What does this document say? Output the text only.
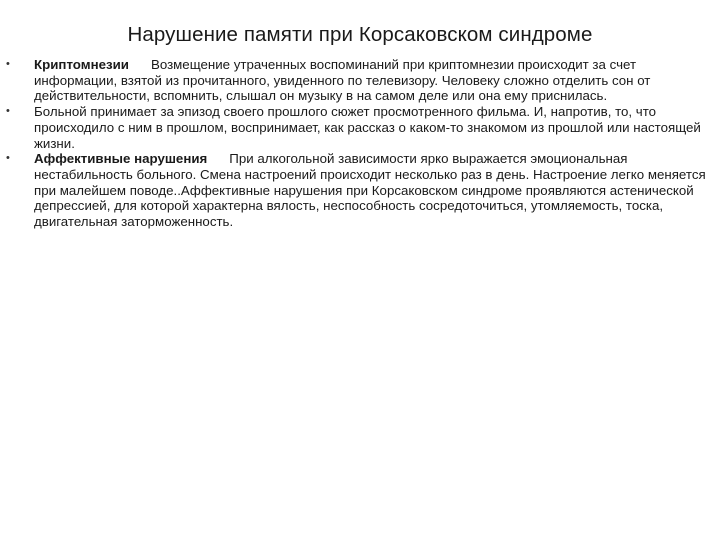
Нарушение памяти при Корсаковском синдроме
• Криптомнезии Возмещение утраченных воспоминаний при криптомнезии происходит за счет информации, взятой из прочитанного, увиденного по телевизору. Человеку сложно отделить сон от действительности, вспомнить, слышал он музыку в на самом деле или она ему приснилась.
• Больной принимает за эпизод своего прошлого сюжет просмотренного фильма. И, напротив, то, что происходило с ним в прошлом, воспринимает, как рассказ о каком-то знакомом из прошлой или настоящей жизни.
• Аффективные нарушения При алкогольной зависимости ярко выражается эмоциональная нестабильность больного. Смена настроений происходит несколько раз в день. Настроение легко меняется при малейшем поводе..Аффективные нарушения при Корсаковском синдроме проявляются астенической депрессией, для которой характерна вялость, неспособность сосредоточиться, утомляемость, тоска, двигательная заторможенность.
